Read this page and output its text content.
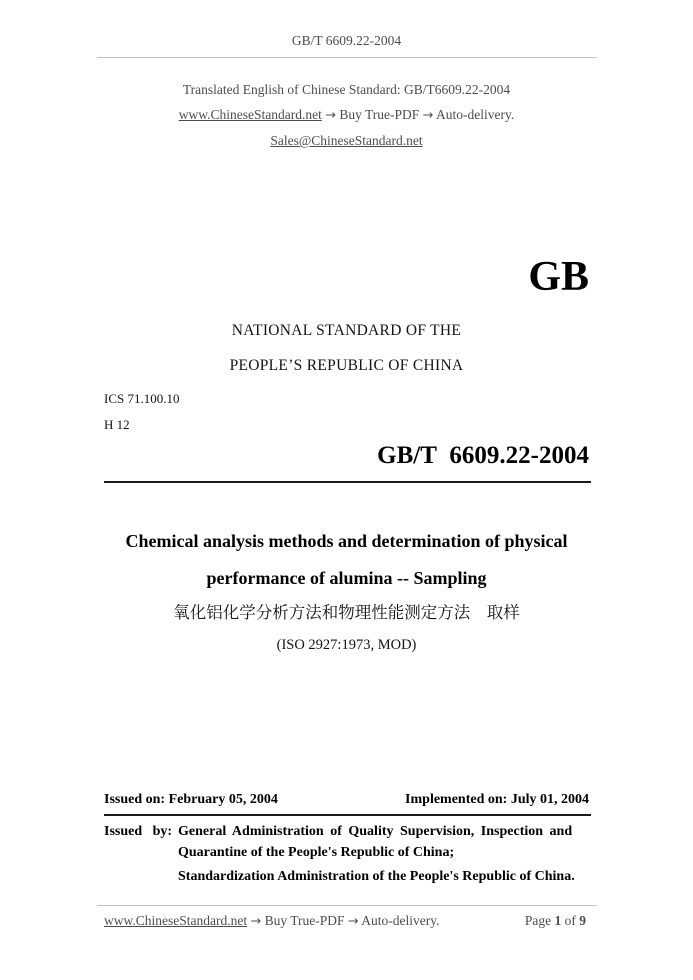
GB/T 6609.22-2004
Translated English of Chinese Standard: GB/T6609.22-2004
www.ChineseStandard.net → Buy True-PDF → Auto-delivery.
Sales@ChineseStandard.net
GB
NATIONAL STANDARD OF THE
PEOPLE’S REPUBLIC OF CHINA
ICS 71.100.10
H 12
GB/T  6609.22-2004
Chemical analysis methods and determination of physical
performance of alumina -- Sampling
氧化铝化学分析方法和物理性能测定方法　取样
(ISO 2927:1973, MOD)
Issued on: February 05, 2004	Implemented on: July 01, 2004
Issued by: General Administration of Quality Supervision, Inspection and
Quarantine of the People's Republic of China;
Standardization Administration of the People's Republic of China.
www.ChineseStandard.net → Buy True-PDF → Auto-delivery.	Page 1 of 9
